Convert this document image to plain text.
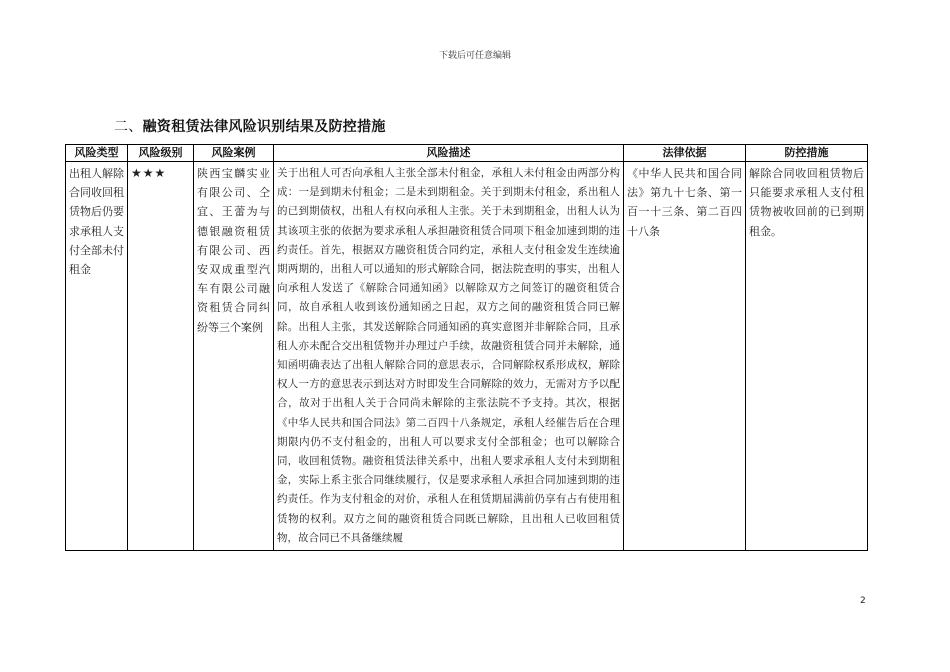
下载后可任意编辑
二、融资租赁法律风险识别结果及防控措施
风险类型	风险级别	风险案例	风险描述	法律依据	防控措施
出租人解除合同收回租赁物后仍要求承租人支付全部未付租金	★★★	陕西宝麟实业有限公司、仝宜、王蕾为与德银融资租赁有限公司、西安双成重型汽车有限公司融资租赁合同纠纷等三个案例	关于出租人可否向承租人主张全部未付租金，承租人未付租金由两部分构成：一是到期未付租金；二是未到期租金。关于到期未付租金，系出租人的已到期债权，出租人有权向承租人主张。关于未到期租金，出租人认为其该项主张的依据为要求承租人承担融资租赁合同项下租金加速到期的违约责任。首先，根据双方融资租赁合同约定，承租人支付租金发生连续逾期两期的，出租人可以通知的形式解除合同，据法院查明的事实，出租人向承租人发送了《解除合同通知函》以解除双方之间签订的融资租赁合同，故自承租人收到该份通知函之日起，双方之间的融资租赁合同已解除。出租人主张，其发送解除合同通知函的真实意图并非解除合同，且承租人亦未配合交出租赁物并办理过户手续，故融资租赁合同并未解除，通知函明确表达了出租人解除合同的意思表示，合同解除权系形成权，解除权人一方的意思表示到达对方时即发生合同解除的效力，无需对方予以配合，故对于出租人关于合同尚未解除的主张法院不予支持。其次，根据《中华人民共和国合同法》第二百四十八条规定，承租人经催告后在合理期限内仍不支付租金的，出租人可以要求支付全部租金；也可以解除合同，收回租赁物。融资租赁法律关系中，出租人要求承租人支付未到期租金，实际上系主张合同继续履行，仅是要求承租人承担合同加速到期的违约责任。作为支付租金的对价，承租人在租赁期届满前仍享有占有使用租赁物的权利。双方之间的融资租赁合同既已解除，且出租人已收回租赁物，故合同已不具备继续履	《中华人民共和国合同法》第九十七条、第一百一十三条、第二百四十八条	解除合同收回租赁物后只能要求承租人支付租赁物被收回前的已到期租金。
2
